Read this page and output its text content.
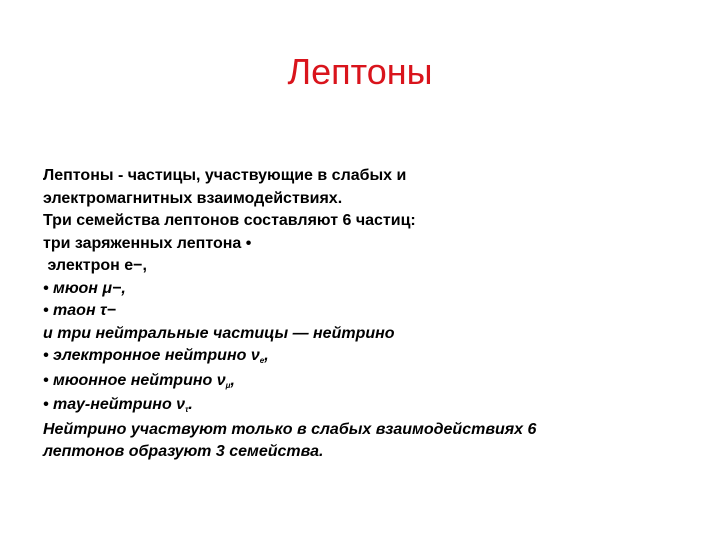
Лептоны
Лептоны - частицы, участвующие в слабых и
электромагнитных взаимодействиях.
Три семейства лептонов составляют 6 частиц:
три заряженных лептона •
электрон e−,
• мюон μ−,
• таон τ−
и три нейтральные частицы — нейтрино
• электронное нейтрино νe,
• мюонное нейтрино νμ,
• тау-нейтрино ντ.
Нейтрино участвуют только в слабых взаимодействиях 6
лептонов образуют 3 семейства.
